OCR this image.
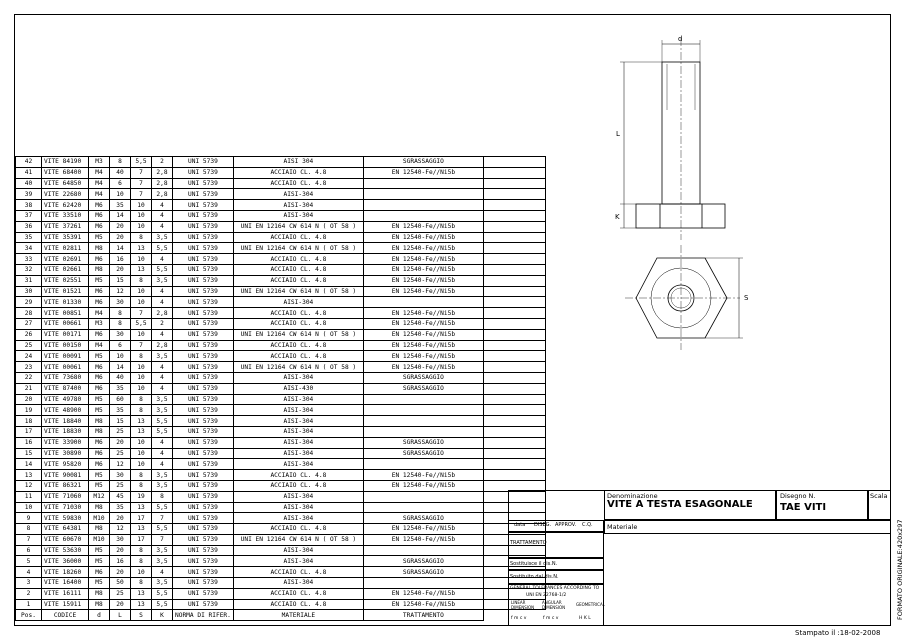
d
L
K
S
42	VITE 84190	M3	8	5,5	2	UNI 5739	AISI 304	SGRASSAGGIO	
41	VITE 68400	M4	40	7	2,8	UNI 5739	ACCIAIO CL. 4.8	EN 12540-Fe//Ni5b	
40	VITE 64850	M4	6	7	2,8	UNI 5739	ACCIAIO CL. 4.8		
39	VITE 22680	M4	10	7	2,8	UNI 5739	AISI-304		
38	VITE 62420	M6	35	10	4	UNI 5739	AISI-304		
37	VITE 33510	M6	14	10	4	UNI 5739	AISI-304		
36	VITE 37261	M6	20	10	4	UNI 5739	UNI EN 12164 CW 614 N ( OT 58 )	EN 12540-Fe//Ni5b	
35	VITE 35391	M5	20	8	3,5	UNI 5739	ACCIAIO CL. 4.8	EN 12540-Fe//Ni5b	
34	VITE 02811	M8	14	13	5,5	UNI 5739	UNI EN 12164 CW 614 N ( OT 58 )	EN 12540-Fe//Ni5b	
33	VITE 02691	M6	16	10	4	UNI 5739	ACCIAIO CL. 4.8	EN 12540-Fe//Ni5b	
32	VITE 02661	M8	20	13	5,5	UNI 5739	ACCIAIO CL. 4.8	EN 12540-Fe//Ni5b	
31	VITE 02551	M5	15	8	3,5	UNI 5739	ACCIAIO CL. 4.8	EN 12540-Fe//Ni5b	
30	VITE 01521	M6	12	10	4	UNI 5739	UNI EN 12164 CW 614 N ( OT 58 )	EN 12540-Fe//Ni5b	
29	VITE 01330	M6	30	10	4	UNI 5739	AISI-304		
28	VITE 00851	M4	8	7	2,8	UNI 5739	ACCIAIO CL. 4.8	EN 12540-Fe//Ni5b	
27	VITE 00661	M3	8	5,5	2	UNI 5739	ACCIAIO CL. 4.8	EN 12540-Fe//Ni5b	
26	VITE 00171	M6	30	10	4	UNI 5739	UNI EN 12164 CW 614 N ( OT 58 )	EN 12540-Fe//Ni5b	
25	VITE 00150	M4	6	7	2,8	UNI 5739	ACCIAIO CL. 4.8	EN 12540-Fe//Ni5b	
24	VITE 00091	M5	10	8	3,5	UNI 5739	ACCIAIO CL. 4.8	EN 12540-Fe//Ni5b	
23	VITE 00061	M6	14	10	4	UNI 5739	UNI EN 12164 CW 614 N ( OT 58 )	EN 12540-Fe//Ni5b	
22	VITE 73680	M6	40	10	4	UNI 5739	AISI-304	SGRASSAGGIO	
21	VITE 87400	M6	35	10	4	UNI 5739	AISI-430	SGRASSAGGIO	
20	VITE 49780	M5	60	8	3,5	UNI 5739	AISI-304		
19	VITE 48900	M5	35	8	3,5	UNI 5739	AISI-304		
18	VITE 18840	M8	15	13	5,5	UNI 5739	AISI-304		
17	VITE 18830	M8	25	13	5,5	UNI 5739	AISI-304		
16	VITE 33900	M6	20	10	4	UNI 5739	AISI-304	SGRASSAGGIO	
15	VITE 30890	M6	25	10	4	UNI 5739	AISI-304	SGRASSAGGIO	
14	VITE 95820	M6	12	10	4	UNI 5739	AISI-304		
13	VITE 90081	M5	30	8	3,5	UNI 5739	ACCIAIO CL. 4.8	EN 12540-Fe//Ni5b	
12	VITE 86321	M5	25	8	3,5	UNI 5739	ACCIAIO CL. 4.8	EN 12540-Fe//Ni5b	
11	VITE 71060	M12	45	19	8	UNI 5739	AISI-304		
10	VITE 71030	M8	35	13	5,5	UNI 5739	AISI-304		
9	VITE 59830	M10	20	17	7	UNI 5739	AISI-304	SGRASSAGGIO	
8	VITE 64381	M8	12	13	5,5	UNI 5739	ACCIAIO CL. 4.8	EN 12540-Fe//Ni5b	
7	VITE 60670	M10	30	17	7	UNI 5739	UNI EN 12164 CW 614 N ( OT 58 )	EN 12540-Fe//Ni5b	
6	VITE 53630	M5	20	8	3,5	UNI 5739	AISI-304		
5	VITE 36000	M5	16	8	3,5	UNI 5739	AISI-304	SGRASSAGGIO	
4	VITE 18260	M6	20	10	4	UNI 5739	ACCIAIO CL. 4.8	SGRASSAGGIO	
3	VITE 16400	M5	50	8	3,5	UNI 5739	AISI-304		
2	VITE 16111	M8	25	13	5,5	UNI 5739	ACCIAIO CL. 4.8	EN 12540-Fe//Ni5b	
1	VITE 15911	M8	20	13	5,5	UNI 5739	ACCIAIO CL. 4.8	EN 12540-Fe//Ni5b	
Pos.	CODICE	d	L	S	K	NORMA DI RIFER.	MATERIALE	TRATTAMENTO	
Denominazione
VITE A TESTA ESAGONALE
Disegno N.
TAE VITI
Scala
Materiale
data DISEG. APPROV. C.Q.
TRATTAMENTO
Sostituisce il dis.N.
Sostituito dal dis.N.
GENERAL TOLERANCES ACCORDING TO
UNI EN 22768-1/2
LINEAR DIMENSION
ANGULAR DIMENSION
GEOMETRICAL
f m c v	f m c v	H K L
Stampato il :18-02-2008
FORMATO ORIGINALE:420x297
